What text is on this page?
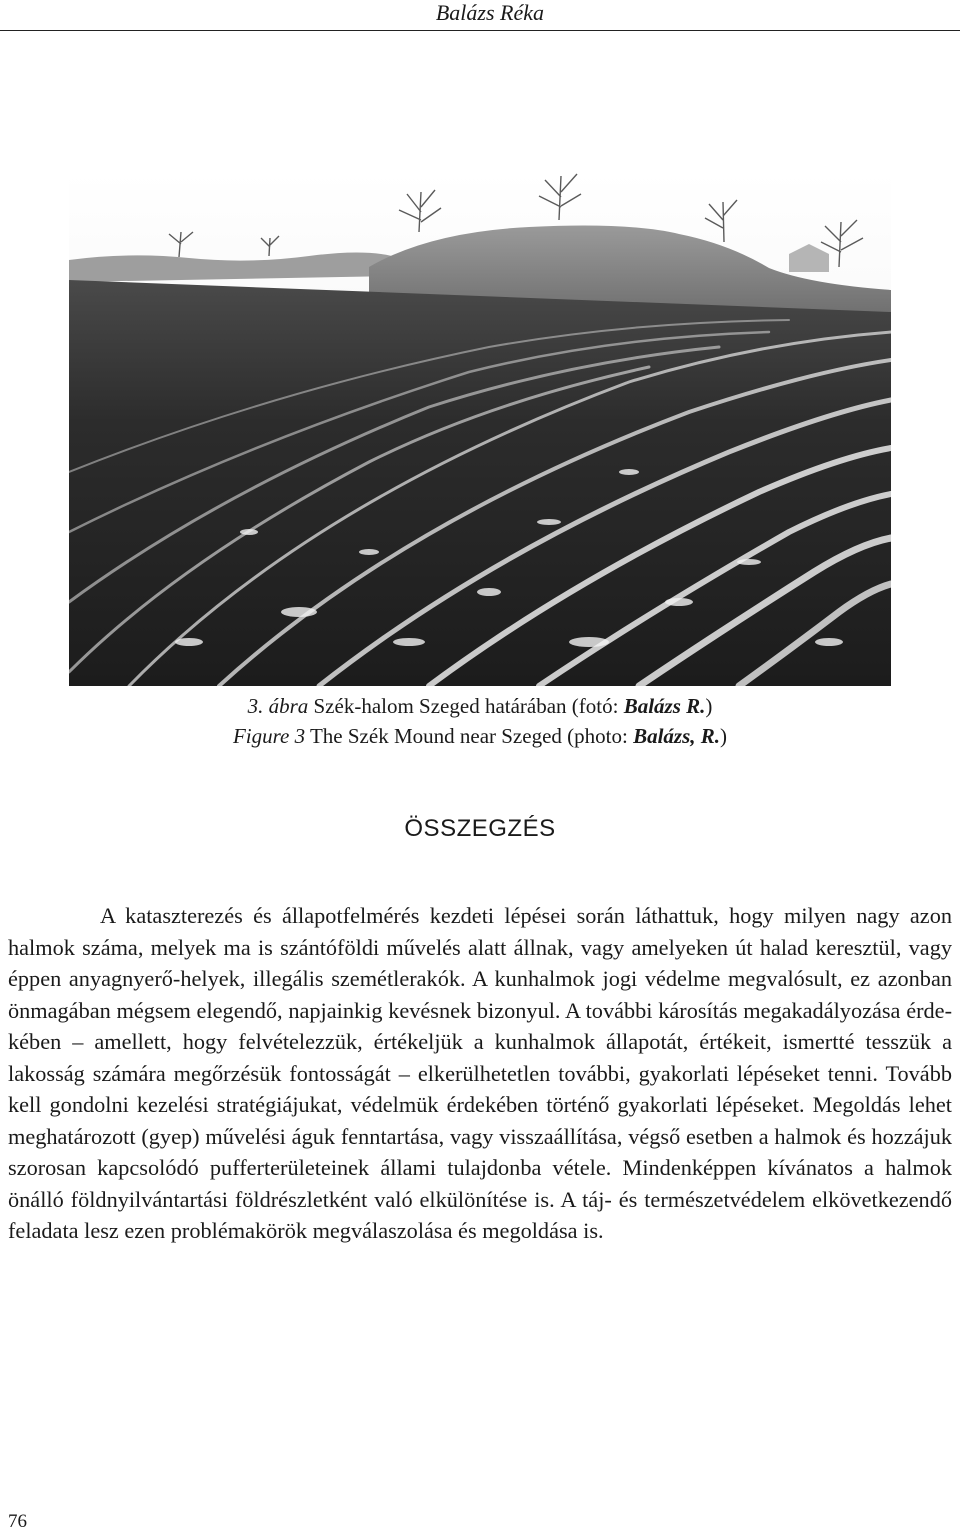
Balázs Réka
3. ábra Szék-halom Szeged határában (fotó: Balázs R.)
Figure 3 The Szék Mound near Szeged (photo: Balázs, R.)
ÖSSZEGZÉS

A kataszterezés és állapotfelmérés kezdeti lépései során láthattuk, hogy milyen nagy azon halmok száma, melyek ma is szántóföldi művelés alatt állnak, vagy amelyeken út halad keresztül, vagy éppen anyagnyerő-helyek, illegális szemétlerakók. A kunhalmok jogi védelme megvalósult, ez azonban önmagában mégsem elegendő, napjainkig kevésnek bizonyul. A további károsítás megakadályozása érdekében – amellett, hogy felvételezzük, értékeljük a kunhalmok állapotát, értékeit, ismertté tesszük a lakosság számára megőrzésük fontosságát – elkerülhetetlen további, gyakorlati lépéseket tenni. Tovább kell gondolni kezelési stratégiájukat, védelmük érdekében történő gyakorlati lépéseket. Megoldás lehet meghatározott (gyep) művelési águk fenntartása, vagy visszaállítása, végső esetben a halmok és hozzájuk szorosan kapcsolódó pufferterületeinek állami tulajdonba vétele. Mindenképpen kívánatos a halmok önálló földnyilvántartási földrészletként való elkülönítése is. A táj- és természetvédelem elkövetkezendő feladata lesz ezen problémakörök megválaszolása és megoldása is.

76
